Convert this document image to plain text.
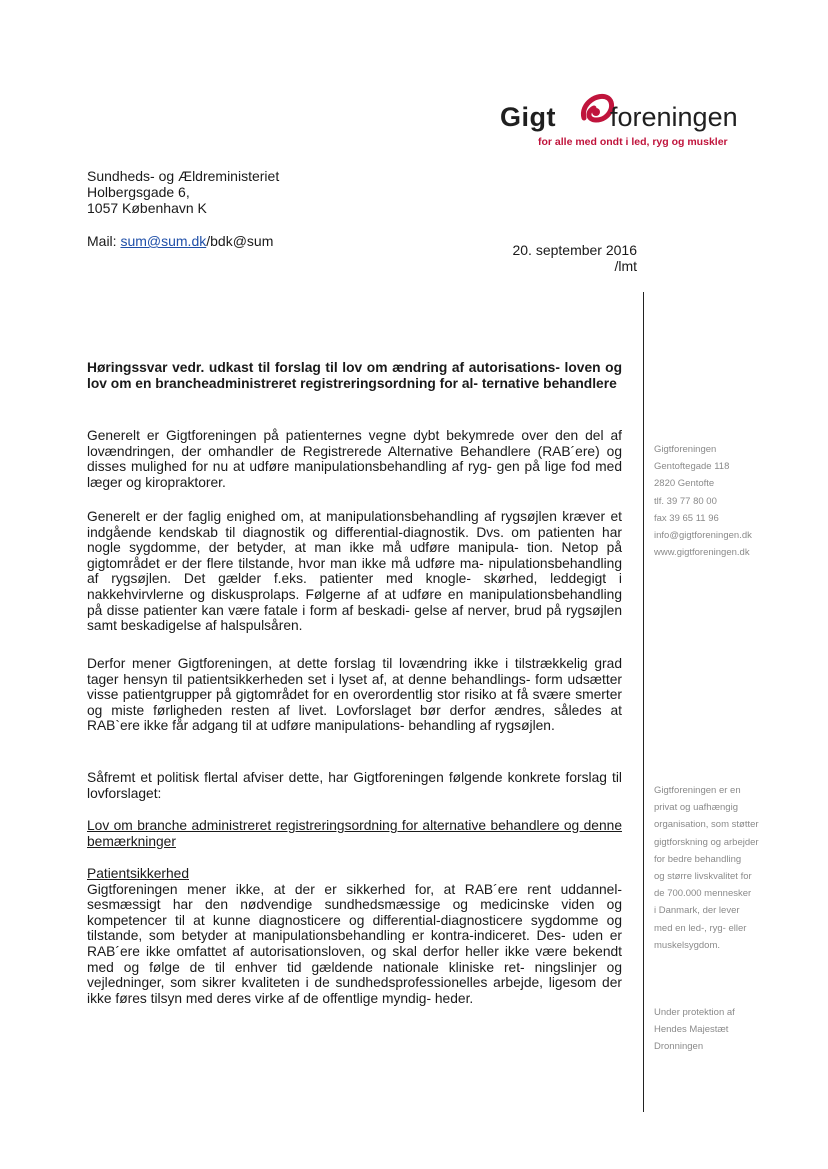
Gigt foreningen
for alle med ondt i led, ryg og muskler
Sundheds- og Ældreministeriet
Holbergsgade 6,
1057 København K
Mail: sum@sum.dk/bdk@sum
20. september 2016
/lmt
Gigtforeningen
Gentoftegade 118
2820 Gentofte
tlf. 39 77 80 00
fax 39 65 11 96
info@gigtforeningen.dk
www.gigtforeningen.dk
Gigtforeningen er en
privat og uafhængig
organisation, som støtter
gigtforskning og arbejder
for bedre behandling
og større livskvalitet for
de 700.000 mennesker
i Danmark, der lever
med en led-, ryg- eller
muskelsygdom.
Under protektion af
Hendes Majestæt
Dronningen
Høringssvar vedr. udkast til forslag til lov om ændring af autorisations- loven og lov om en brancheadministreret registreringsordning for al- ternative behandlere
Generelt er Gigtforeningen på patienternes vegne dybt bekymrede over den del af lovændringen, der omhandler de Registrerede Alternative Behandlere (RAB´ere) og disses mulighed for nu at udføre manipulationsbehandling af ryg- gen på lige fod med læger og kiropraktorer.
Generelt er der faglig enighed om, at manipulationsbehandling af rygsøjlen kræver et indgående kendskab til diagnostik og differential-diagnostik. Dvs. om patienten har nogle sygdomme, der betyder, at man ikke må udføre manipula- tion. Netop på gigtområdet er der flere tilstande, hvor man ikke må udføre ma- nipulationsbehandling af rygsøjlen. Det gælder f.eks. patienter med knogle- skørhed, leddegigt i nakkehvirvlerne og diskusprolaps. Følgerne af at udføre en manipulationsbehandling på disse patienter kan være fatale i form af beskadi- gelse af nerver, brud på rygsøjlen samt beskadigelse af halspulsåren.
Derfor mener Gigtforeningen, at dette forslag til lovændring ikke i tilstrækkelig grad tager hensyn til patientsikkerheden set i lyset af, at denne behandlings- form udsætter visse patientgrupper på gigtområdet for en overordentlig stor risiko at få svære smerter og miste førligheden resten af livet. Lovforslaget bør derfor ændres, således at RAB`ere ikke får adgang til at udføre manipulations- behandling af rygsøjlen.
Såfremt et politisk flertal afviser dette, har Gigtforeningen følgende konkrete forslag til lovforslaget:
Lov om branche administreret registreringsordning for alternative behandlere og denne bemærkninger
Patientsikkerhed
Gigtforeningen mener ikke, at der er sikkerhed for, at RAB´ere rent uddannel- sesmæssigt har den nødvendige sundhedsmæssige og medicinske viden og kompetencer til at kunne diagnosticere og differential-diagnosticere sygdomme og tilstande, som betyder at manipulationsbehandling er kontra-indiceret. Des- uden er RAB´ere ikke omfattet af autorisationsloven, og skal derfor heller ikke være bekendt med og følge de til enhver tid gældende nationale kliniske ret- ningslinjer og vejledninger, som sikrer kvaliteten i de sundhedsprofessionelles arbejde, ligesom der ikke føres tilsyn med deres virke af de offentlige myndig- heder.
